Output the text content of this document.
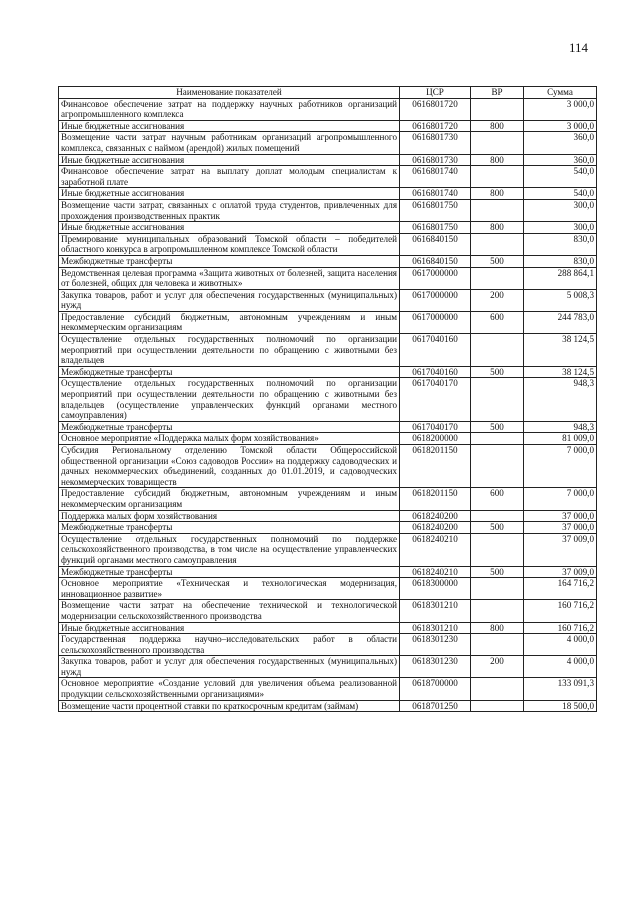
114
Наименование показателей	ЦСР	ВР	Сумма
Финансовое обеспечение затрат на поддержку научных работников организаций агропромышленного комплекса	0616801720		3 000,0
Иные бюджетные ассигнования	0616801720	800	3 000,0
Возмещение части затрат научным работникам организаций агропромышленного комплекса, связанных с наймом (арендой) жилых помещений	0616801730		360,0
Иные бюджетные ассигнования	0616801730	800	360,0
Финансовое обеспечение затрат на выплату доплат молодым специалистам к заработной плате	0616801740		540,0
Иные бюджетные ассигнования	0616801740	800	540,0
Возмещение части затрат, связанных с оплатой труда студентов, привлеченных для прохождения производственных практик	0616801750		300,0
Иные бюджетные ассигнования	0616801750	800	300,0
Премирование муниципальных образований Томской области – победителей областного конкурса в агропромышленном комплексе Томской области	0616840150		830,0
Межбюджетные трансферты	0616840150	500	830,0
Ведомственная целевая программа «Защита животных от болезней, защита населения от болезней, общих для человека и животных»	0617000000		288 864,1
Закупка товаров, работ и услуг для обеспечения государственных (муниципальных) нужд	0617000000	200	5 008,3
Предоставление субсидий бюджетным, автономным учреждениям и иным некоммерческим организациям	0617000000	600	244 783,0
Осуществление отдельных государственных полномочий по организации мероприятий при осуществлении деятельности по обращению с животными без владельцев	0617040160		38 124,5
Межбюджетные трансферты	0617040160	500	38 124,5
Осуществление отдельных государственных полномочий по организации мероприятий при осуществлении деятельности по обращению с животными без владельцев (осуществление управленческих функций органами местного самоуправления)	0617040170		948,3
Межбюджетные трансферты	0617040170	500	948,3
Основное мероприятие «Поддержка малых форм хозяйствования»	0618200000		81 009,0
Субсидия Региональному отделению Томской области Общероссийской общественной организации «Союз садоводов России» на поддержку садоводческих и дачных некоммерческих объединений, созданных до 01.01.2019, и садоводческих некоммерческих товариществ	0618201150		7 000,0
Предоставление субсидий бюджетным, автономным учреждениям и иным некоммерческим организациям	0618201150	600	7 000,0
Поддержка малых форм хозяйствования	0618240200		37 000,0
Межбюджетные трансферты	0618240200	500	37 000,0
Осуществление отдельных государственных полномочий по поддержке сельскохозяйственного производства, в том числе на осуществление управленческих функций органами местного самоуправления	0618240210		37 009,0
Межбюджетные трансферты	0618240210	500	37 009,0
Основное мероприятие «Техническая и технологическая модернизация, инновационное развитие»	0618300000		164 716,2
Возмещение части затрат на обеспечение технической и технологической модернизации сельскохозяйственного производства	0618301210		160 716,2
Иные бюджетные ассигнования	0618301210	800	160 716,2
Государственная поддержка научно–исследовательских работ в области сельскохозяйственного производства	0618301230		4 000,0
Закупка товаров, работ и услуг для обеспечения государственных (муниципальных) нужд	0618301230	200	4 000,0
Основное мероприятие «Создание условий для увеличения объема реализованной продукции сельскохозяйственными организациями»	0618700000		133 091,3
Возмещение части процентной ставки по краткосрочным кредитам (займам)	0618701250		18 500,0
